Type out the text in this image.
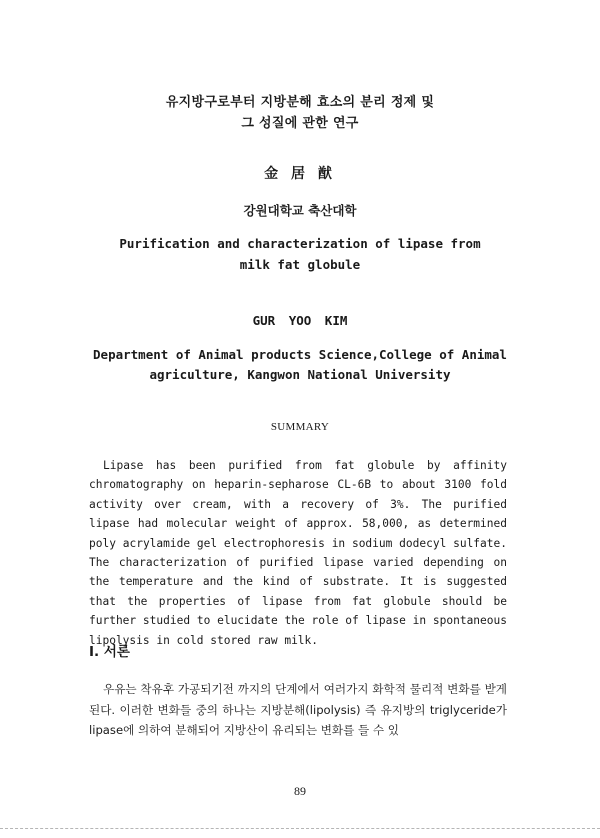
유지방구로부터 지방분해 효소의 분리 정제 및
그 성질에 관한 연구
金 居 猷
강원대학교 축산대학
Purification and characterization of lipase from
milk fat globule
GUR YOO KIM
Department of Animal products Science,College of Animal
agriculture, Kangwon National University
SUMMARY
Lipase has been purified from fat globule by affinity chromatography on heparin-sepharose CL-6B to about 3100 fold activity over cream, with a recovery of 3%. The purified lipase had molecular weight of approx. 58,000, as determined poly acrylamide gel electrophoresis in sodium dodecyl sulfate. The characterization of purified lipase varied depending on the temperature and the kind of substrate. It is suggested that the properties of lipase from fat globule should be further studied to elucidate the role of lipase in spontaneous lipolysis in cold stored raw milk.
I. 서론
우유는 착유후 가공되기전 까지의 단계에서 여러가지 화학적 물리적 변화를 받게 된다. 이러한 변화들 중의 하나는 지방분해(lipolysis) 즉 유지방의 triglyceride가 lipase에 의하여 분해되어 지방산이 유리되는 변화를 들 수 있
89
